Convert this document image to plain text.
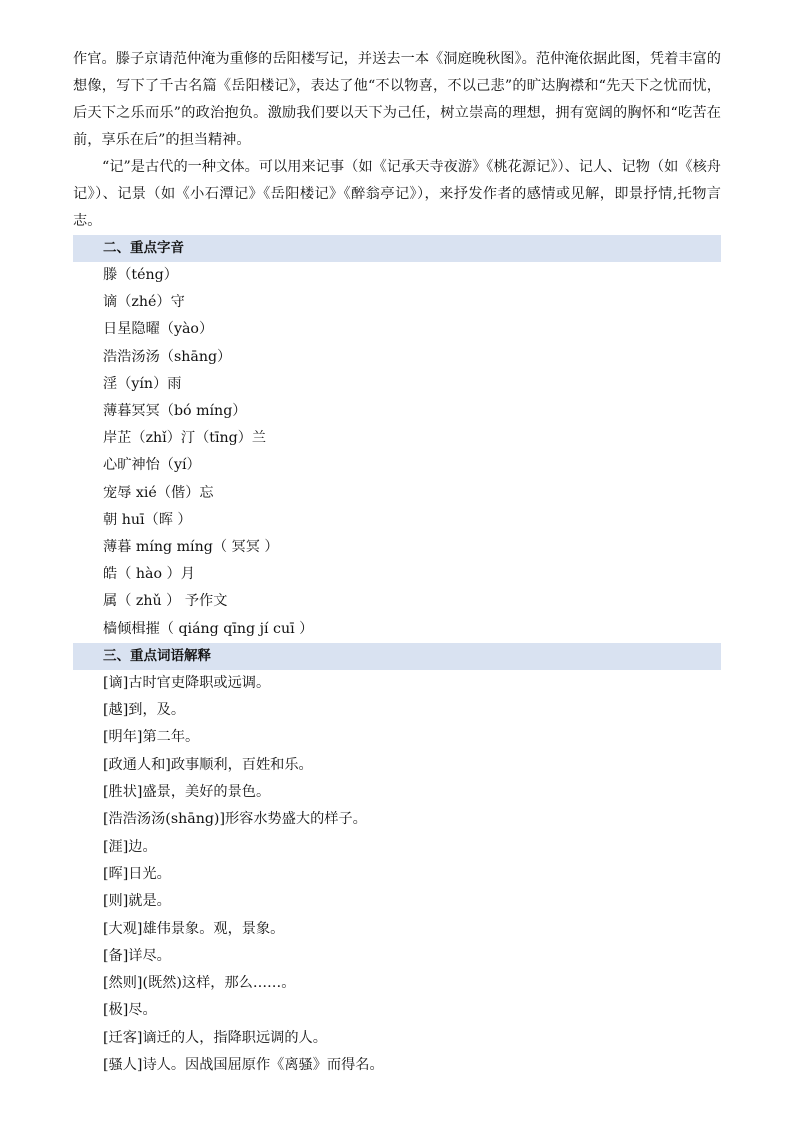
作官。滕子京请范仲淹为重修的岳阳楼写记，并送去一本《洞庭晚秋图》。范仲淹依据此图，凭着丰富的想像，写下了千古名篇《岳阳楼记》，表达了他“不以物喜，不以己悲”的旷达胸襟和“先天下之忧而忧，后天下之乐而乐”的政治抱负。激励我们要以天下为己任，树立崇高的理想，拥有宽阔的胸怀和“吃苦在前，享乐在后”的担当精神。

“记”是古代的一种文体。可以用来记事（如《记承天寺夜游》《桃花源记》）、记人、记物（如《核舟记》）、记景（如《小石潭记》《岳阳楼记》《醉翁亭记》），来抒发作者的感情或见解，即景抒情,托物言志。

二、重点字音
滕（téng）
谪（zhé）守
日星隐曜（yào）
浩浩汤汤（shāng）
淫（yín）雨
薄暮冥冥（bó míng）
岸芷（zhǐ）汀（tīng）兰
心旷神怡（yí）
宠辱 xié（偕）忘
朝 huī（晖 ）
薄暮 míng míng（ 冥冥 ）
皓（ hào ）月
属（ zhǔ ） 予作文
樯倾楫摧（ qiáng qīng jí cuī ）
三、重点词语解释
[谪]古时官吏降职或远调。
[越]到，及。
[明年]第二年。
[政通人和]政事顺利，百姓和乐。
[胜状]盛景，美好的景色。
[浩浩汤汤(shāng)]形容水势盛大的样子。
[涯]边。
[晖]日光。
[则]就是。
[大观]雄伟景象。观，景象。
[备]详尽。
[然则](既然)这样，那么……。
[极]尽。
[迁客]谪迁的人，指降职远调的人。
[骚人]诗人。因战国屈原作《离骚》而得名。
